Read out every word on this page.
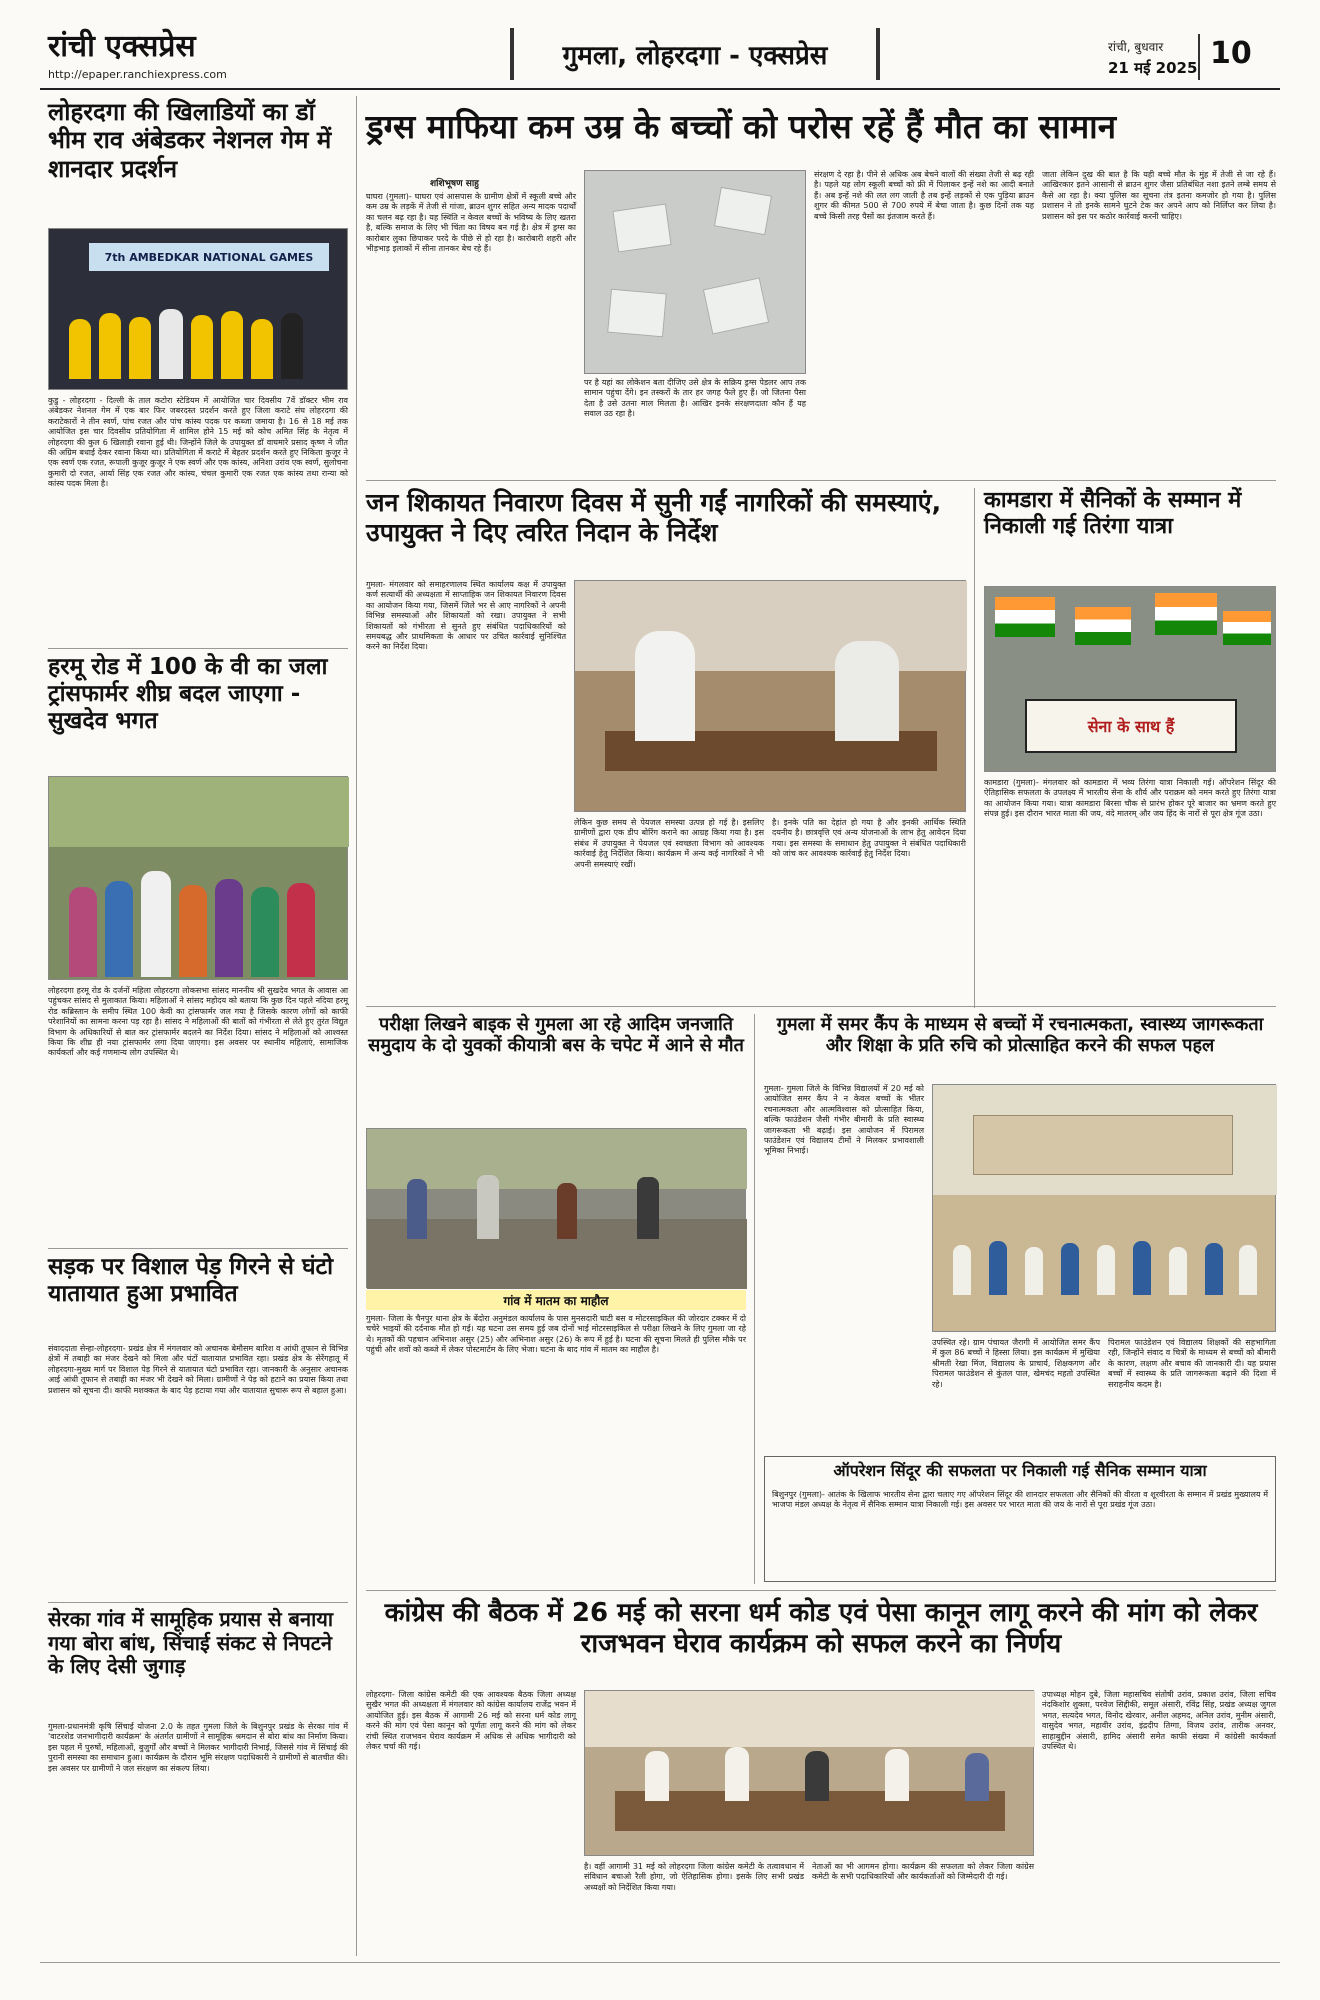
रांची एक्सप्रेस
http://epaper.ranchiexpress.com
गुमला, लोहरदगा - एक्सप्रेस	रांची, बुधवार
21 मई 2025 10
लोहरदगा की खिलाडियों का डॉ भीम राव अंबेडकर नेशनल गेम में शानदार प्रदर्शन
7th AMBEDKAR NATIONAL GAMES
कुडु - लोहरदगा - दिल्ली के ताल कटोरा स्टेडियम में आयोजित चार दिवसीय 7वें डॉक्टर भीम राव अंबेडकर नेशनल गेम में एक बार फिर जबरदस्त प्रदर्शन करते हुए जिला कराटे संघ लोहरदगा की कराटेकारों ने तीन स्वर्ण, पांच रजत और पांच कांस्य पदक पर कब्जा जमाया है। 16 से 18 मई तक आयोजित इस चार दिवसीय प्रतियोगिता में शामिल होने 15 मई को कोच अमित सिंह के नेतृत्व में लोहरदगा की कुल 6 खिलाड़ी रवाना हुई थी। जिन्होंने जिले के उपायुक्त डॉ वाघमारे प्रसाद कृष्ण ने जीत की अग्रिम बधाई देकर रवाना किया था। प्रतियोगिता में कराटे में बेहतर प्रदर्शन करते हुए निकिता कुजूर ने एक स्वर्ण एक रजत, रूपाली कुजूर कुजूर ने एक स्वर्ण और एक कांस्य, अनिशा उरांव एक स्वर्ण, सुलोचना कुमारी दो रजत, आर्या सिंह एक रजत और कांस्य, चंचल कुमारी एक रजत एक कांस्य तथा रान्या को कांस्य पदक मिला है।
हरमू रोड में 100 के वी का जला ट्रांसफार्मर शीघ्र बदल जाएगा - सुखदेव भगत
लोहरदगा हरमू रोड के दर्जनों महिला लोहरदगा लोकसभा सांसद माननीय श्री सुखदेव भगत के आवास आ पहुंचकर सांसद से मुलाकात किया। महिलाओं ने सांसद महोदय को बताया कि कुछ दिन पहले नदिया हरमू रोड कब्रिस्तान के समीप स्थित 100 केवी का ट्रांसफार्मर जल गया है जिसके कारण लोगों को काफी परेशानियों का सामना करना पड़ रहा है। सांसद ने महिलाओं की बातों को गंभीरता से लेते हुए तुरंत विद्युत विभाग के अधिकारियों से बात कर ट्रांसफार्मर बदलने का निर्देश दिया। सांसद ने महिलाओं को आश्वस्त किया कि शीघ्र ही नया ट्रांसफार्मर लगा दिया जाएगा। इस अवसर पर स्थानीय महिलाएं, सामाजिक कार्यकर्ता और कई गणमान्य लोग उपस्थित थे।
सड़क पर विशाल पेड़ गिरने से घंटो यातायात हुआ प्रभावित
संवाददाता सेन्हा-लोहरदगा- प्रखंड क्षेत्र में मंगलवार को अचानक बेमौसम बारिश व आंधी तूफान से विभिन्न क्षेत्रों में तबाही का मंजर देखने को मिला और घंटों यातायात प्रभावित रहा। प्रखंड क्षेत्र के सेरेंगहातू में लोहरदगा-मुख्य मार्ग पर विशाल पेड़ गिरने से यातायात घंटो प्रभावित रहा। जानकारी के अनुसार अचानक आई आंधी तूफान से तबाही का मंजर भी देखने को मिला। ग्रामीणों ने पेड़ को हटाने का प्रयास किया तथा प्रशासन को सूचना दी। काफी मशक्कत के बाद पेड़ हटाया गया और यातायात सुचारू रूप से बहाल हुआ।
सेरका गांव में सामूहिक प्रयास से बनाया गया बोरा बांध, सिंचाई संकट से निपटने के लिए देसी जुगाड़
गुमला-प्रधानमंत्री कृषि सिंचाई योजना 2.0 के तहत गुमला जिले के बिशुनपुर प्रखंड के सेरका गांव में 'वाटरशेड जनभागीदारी कार्यक्रम' के अंतर्गत ग्रामीणों ने सामूहिक श्रमदान से बोरा बांध का निर्माण किया। इस पहल में पुरुषों, महिलाओं, बुजुर्गों और बच्चों ने मिलकर भागीदारी निभाई, जिससे गांव में सिंचाई की पुरानी समस्या का समाधान हुआ। कार्यक्रम के दौरान भूमि संरक्षण पदाधिकारी ने ग्रामीणों से बातचीत की। इस अवसर पर ग्रामीणों ने जल संरक्षण का संकल्प लिया।
ड्रग्स माफिया कम उम्र के बच्चों को परोस रहें हैं मौत का सामान
शशिभूषण साहु
घाघरा (गुमला)- घाघरा एवं आसपास के ग्रामीण क्षेत्रों में स्कूली बच्चे और कम उम्र के लड़कें में तेजी से गांजा, ब्राउन शुगर सहित अन्य मादक पदार्थों का चलन बढ़ रहा है। यह स्थिति न केवल बच्चों के भविष्य के लिए खतरा है, बल्कि समाज के लिए भी चिंता का विषय बन गई है। क्षेत्र में ड्रग्स का कारोबार लुका छिपाकर परदे के पीछे से हो रहा है। कारोबारी शहरी और भीड़भाड़ इलाकों में सीना तानकर बेच रहे हैं।
पर है यहां का लोकेशन बता दीजिए उसे क्षेत्र के सक्रिय ड्रग्स पेडलर आप तक सामान पहुंचा देंगे। इन तस्करों के तार हर जगह फैले हुए हैं। जो जितना पैसा देता है उसे उतना माल मिलता है। आखिर इनके संरक्षणदाता कौन हैं यह सवाल उठ रहा है।
संरक्षण दे रहा है। पीने से अधिक अब बेचने वालों की संख्या तेजी से बढ़ रही है। पहले यह लोग स्कूली बच्चों को फ्री में पिलाकर इन्हें नशे का आदी बनाते हैं। अब इन्हें नशे की लत लग जाती है तब इन्हें लड़कों से एक पुड़िया ब्राउन शुगर की कीमत 500 से 700 रुपये में बेचा जाता है। कुछ दिनों तक यह बच्चे किसी तरह पैसों का इंतजाम करते हैं।
जाता लेकिन दुख की बात है कि यही बच्चे मौत के मुंह में तेजी से जा रहे हैं। आखिरकार इतने आसानी से ब्राउन शुगर जैसा प्रतिबंधित नशा इतने लम्बे समय से कैसे आ रहा है। क्या पुलिस का सूचना तंत्र इतना कमजोर हो गया है। पुलिस प्रशासन ने तो इनके सामने घुटने टेक कर अपने आप को निर्लिप्त कर लिया है। प्रशासन को इस पर कठोर कार्रवाई करनी चाहिए।
जन शिकायत निवारण दिवस में सुनी गईं नागरिकों की समस्याएं, उपायुक्त ने दिए त्वरित निदान के निर्देश
गुमला- मंगलवार को समाहरणालय स्थित कार्यालय कक्ष में उपायुक्त कर्ण सत्यार्थी की अध्यक्षता में साप्ताहिक जन शिकायत निवारण दिवस का आयोजन किया गया, जिसमें जिले भर से आए नागरिकों ने अपनी विभिन्न समस्याओं और शिकायतों को रखा। उपायुक्त ने सभी शिकायतों को गंभीरता से सुनते हुए संबंधित पदाधिकारियों को समयबद्ध और प्राथमिकता के आधार पर उचित कार्रवाई सुनिश्चित करने का निर्देश दिया।
लेकिन कुछ समय से पेयजल समस्या उत्पन्न हो गई है। इसलिए ग्रामीणों द्वारा एक डीप बोरिंग कराने का आग्रह किया गया है। इस संबंध में उपायुक्त ने पेयजल एवं स्वच्छता विभाग को आवश्यक कार्रवाई हेतु निर्देशित किया। कार्यक्रम में अन्य कई नागरिकों ने भी अपनी समस्याएं रखीं।
है। इनके पति का देहांत हो गया है और इनकी आर्थिक स्थिति दयनीय है। छात्रवृत्ति एवं अन्य योजनाओं के लाभ हेतु आवेदन दिया गया। इस समस्या के समाधान हेतु उपायुक्त ने संबंधित पदाधिकारी को जांच कर आवश्यक कार्रवाई हेतु निर्देश दिया।
कामडारा में सैनिकों के सम्मान में निकाली गई तिरंगा यात्रा
सेना के साथ हैं
कामडारा (गुमला)- मंगलवार को कामडारा में भव्य तिरंगा यात्रा निकाली गई। ऑपरेशन सिंदूर की ऐतिहासिक सफलता के उपलक्ष्य में भारतीय सेना के शौर्य और पराक्रम को नमन करते हुए तिरंगा यात्रा का आयोजन किया गया। यात्रा कामडारा बिरसा चौक से प्रारंभ होकर पूरे बाजार का भ्रमण करते हुए संपन्न हुई। इस दौरान भारत माता की जय, वंदे मातरम् और जय हिंद के नारों से पूरा क्षेत्र गूंज उठा।
परीक्षा लिखने बाइक से गुमला आ रहे आदिम जनजाति समुदाय के दो युवकों कीयात्री बस के चपेट में आने से मौत
गांव में मातम का माहौल
गुमला- जिला के चैनपुर थाना क्षेत्र के बेंदोरा अनुमंडल कार्यालय के पास मुनसदारी घाटी बस व मोटरसाइकिल की जोरदार टक्कर में दो चचेरे भाइयों की दर्दनाक मौत हो गई। यह घटना उस समय हुई जब दोनों भाई मोटरसाइकिल से परीक्षा लिखने के लिए गुमला जा रहे थे। मृतकों की पहचान अभिनाश असुर (25) और अभिनाश असुर (26) के रूप में हुई है। घटना की सूचना मिलते ही पुलिस मौके पर पहुंची और शवों को कब्जे में लेकर पोस्टमार्टम के लिए भेजा। घटना के बाद गांव में मातम का माहौल है।
गुमला में समर कैंप के माध्यम से बच्चों में रचनात्मकता, स्वास्थ्य जागरूकता और शिक्षा के प्रति रुचि को प्रोत्साहित करने की सफल पहल
गुमला- गुमला जिले के विभिन्न विद्यालयों में 20 मई को आयोजित समर कैंप ने न केवल बच्चों के भीतर रचनात्मकता और आत्मविश्वास को प्रोत्साहित किया, बल्कि फाउंडेशन जैसी गंभीर बीमारी के प्रति स्वास्थ्य जागरूकता भी बढ़ाई। इस आयोजन में पिरामल फाउंडेशन एवं विद्यालय टीमों ने मिलकर प्रभावशाली भूमिका निभाई।
उपस्थित रहे। ग्राम पंचायत जैरागी में आयोजित समर कैंप में कुल 86 बच्चों ने हिस्सा लिया। इस कार्यक्रम में मुखिया श्रीमती रेखा मिंज, विद्यालय के प्राचार्य, शिक्षकगण और पिरामल फाउंडेशन से कुंतल पाल, खेमचंद महतो उपस्थित रहे।
पिरामल फाउंडेशन एवं विद्यालय शिक्षकों की सहभागिता रही, जिन्होंने संवाद व चित्रों के माध्यम से बच्चों को बीमारी के कारण, लक्षण और बचाव की जानकारी दी। यह प्रयास बच्चों में स्वास्थ्य के प्रति जागरूकता बढ़ाने की दिशा में सराहनीय कदम है।
ऑपरेशन सिंदूर की सफलता पर निकाली गई सैनिक सम्मान यात्रा
बिशुनपुर (गुमला)- आतंक के खिलाफ भारतीय सेना द्वारा चलाए गए ऑपरेशन सिंदूर की शानदार सफलता और सैनिकों की वीरता व शूरवीरता के सम्मान में प्रखंड मुख्यालय में भाजपा मंडल अध्यक्ष के नेतृत्व में सैनिक सम्मान यात्रा निकाली गई। इस अवसर पर भारत माता की जय के नारों से पूरा प्रखंड गूंज उठा।
कांग्रेस की बैठक में 26 मई को सरना धर्म कोड एवं पेसा कानून लागू करने की मांग को लेकर राजभवन घेराव कार्यक्रम को सफल करने का निर्णय
लोहरदगा- जिला कांग्रेस कमेटी की एक आवश्यक बैठक जिला अध्यक्ष सुखैर भगत की अध्यक्षता में मंगलवार को कांग्रेस कार्यालय राजेंद्र भवन में आयोजित हुई। इस बैठक में आगामी 26 मई को सरना धर्म कोड लागू करने की मांग एवं पेसा कानून को पूर्णतः लागू करने की मांग को लेकर रांची स्थित राजभवन घेराव कार्यक्रम में अधिक से अधिक भागीदारी को लेकर चर्चा की गई।
है। वहीं आगामी 31 मई को लोहरदगा जिला कांग्रेस कमेटी के तत्वावधान में संविधान बचाओ रैली होगा, जो ऐतिहासिक होगा। इसके लिए सभी प्रखंड अध्यक्षों को निर्देशित किया गया।
नेताओं का भी आगमन होगा। कार्यक्रम की सफलता को लेकर जिला कांग्रेस कमेटी के सभी पदाधिकारियों और कार्यकर्ताओं को जिम्मेदारी दी गई।
उपाध्यक्ष मोहन दुबे, जिला महासचिव संतोषी उरांव, प्रकाश उरांव, जिला सचिव नंदकिशोर शुक्ला, परवेज सिद्दीकी, समूल अंसारी, रविंद्र सिंह, प्रखंड अध्यक्ष जुगल भगत, सत्यदेव भगत, विनोद खेरवार, अनील अहमद, अनिल उरांव, मुनीम अंसारी, वासुदेव भगत, महावीर उरांव, इंद्रदीप तिग्गा, विजय उरांव, तारीक अनवर, साहाबुद्दीन अंसारी, हामिद अंसारी समेत काफी संख्या में कांग्रेसी कार्यकर्ता उपस्थित थे।
